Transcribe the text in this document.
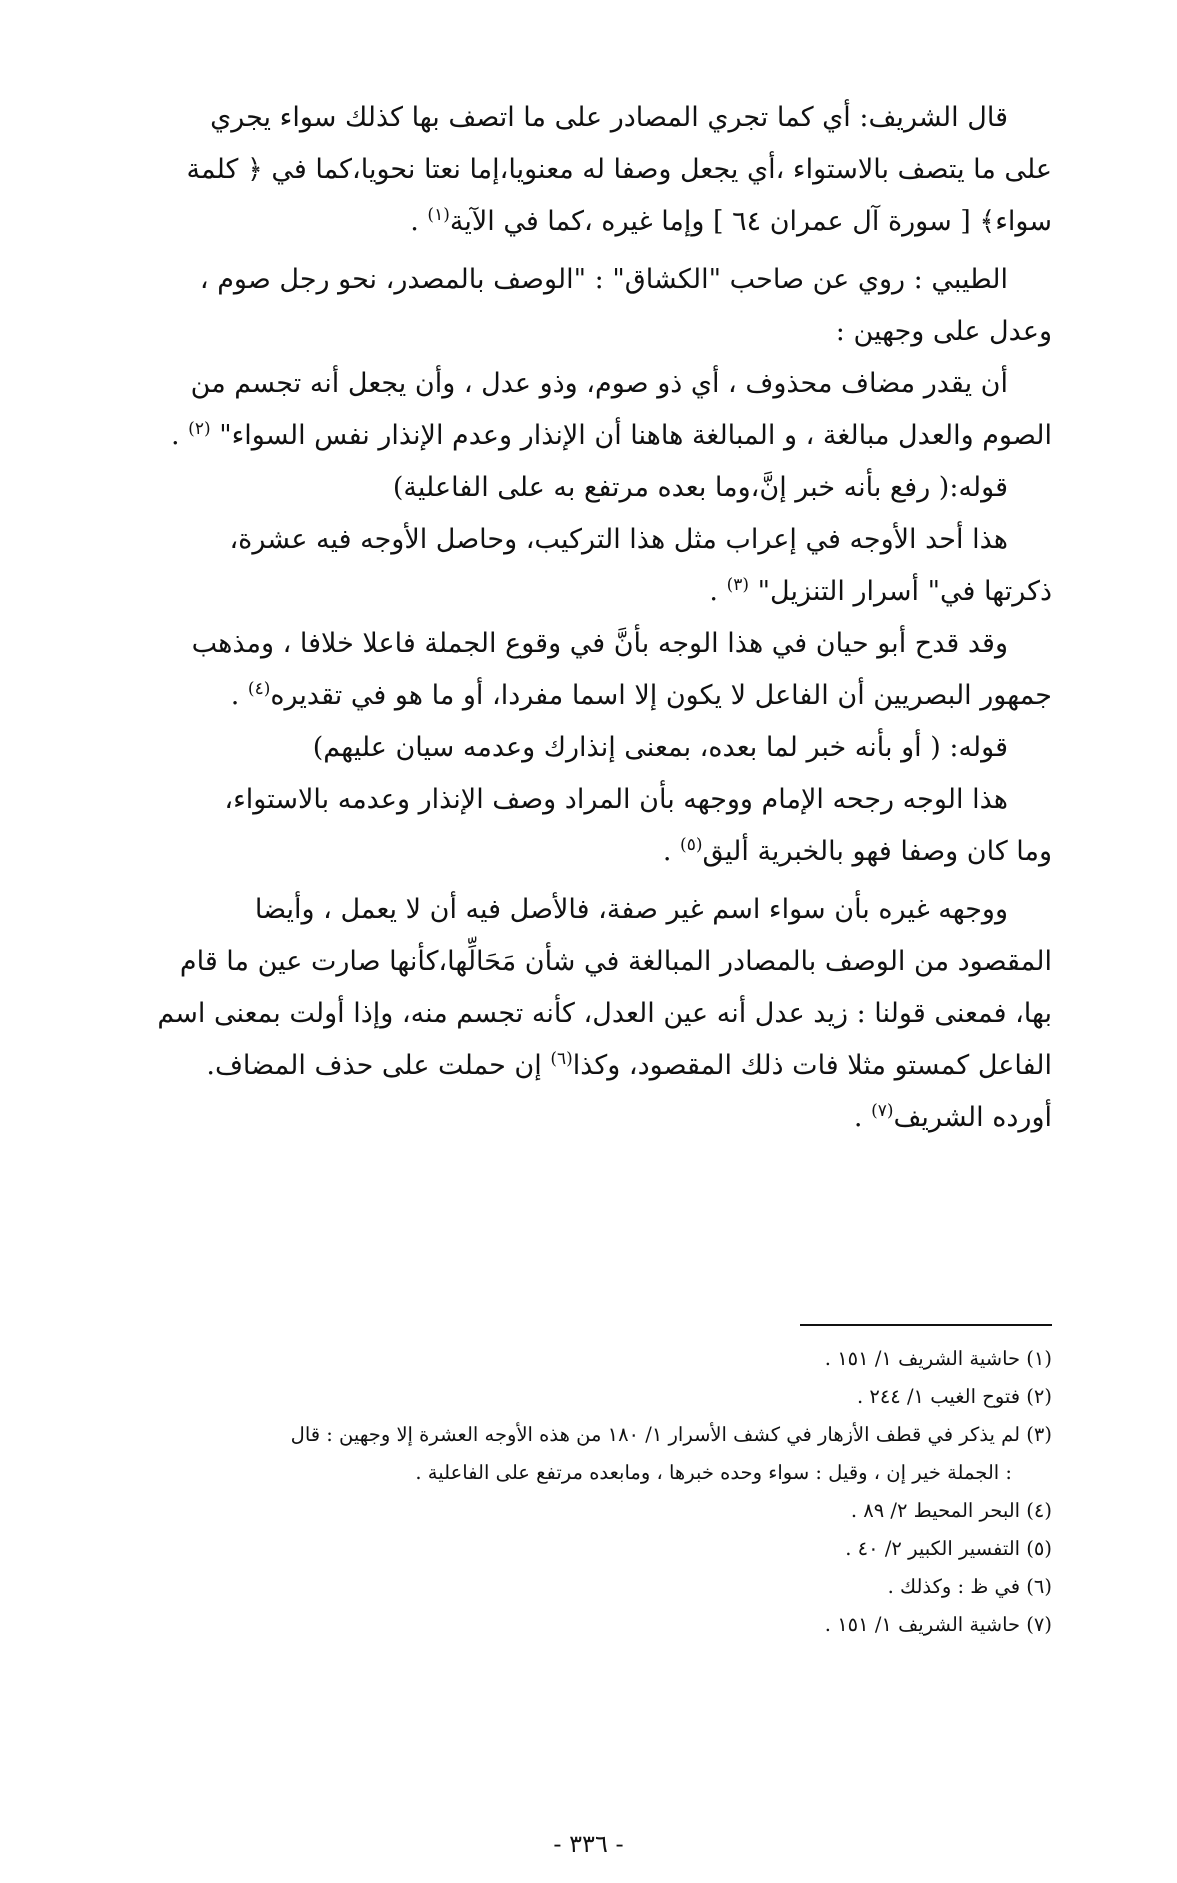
قال الشريف: أي كما تجري المصادر على ما اتصف بها كذلك سواء يجري
على ما يتصف بالاستواء ،أي يجعل وصفا له معنويا،إما نعتا نحويا،كما في ﴿ كلمة
سواء﴾ [ سورة آل عمران ٦٤ ] وإما غيره ،كما في الآية$^{(١)}$ .
الطيبي : روي عن صاحب "الكشاق" : "الوصف بالمصدر، نحو رجل صوم ،
وعدل على وجهين :
أن يقدر مضاف محذوف ، أي ذو صوم، وذو عدل ، وأن يجعل أنه تجسم من
الصوم والعدل مبالغة ، و المبالغة هاهنا أن الإنذار وعدم الإنذار نفس السواء" $^{(٢)}$ .
قوله:( رفع بأنه خبر إنَّ،وما بعده مرتفع به على الفاعلية)
هذا أحد الأوجه في إعراب مثل هذا التركيب، وحاصل الأوجه فيه عشرة،
ذكرتها في" أسرار التنزيل" $^{(٣)}$ .
وقد قدح أبو حيان في هذا الوجه بأنَّ في وقوع الجملة فاعلا خلافا ، ومذهب
جمهور البصريين أن الفاعل لا يكون إلا اسما مفردا، أو ما هو في تقديره$^{(٤)}$ .
قوله: ( أو بأنه خبر لما بعده، بمعنى إنذارك وعدمه سيان عليهم)
هذا الوجه رجحه الإمام ووجهه بأن المراد وصف الإنذار وعدمه بالاستواء،
وما كان وصفا فهو بالخبرية أليق$^{(٥)}$ .
ووجهه غيره بأن سواء اسم غير صفة، فالأصل فيه أن لا يعمل ، وأيضا
المقصود من الوصف بالمصادر المبالغة في شأن مَحَالِّها،كأنها صارت عين ما قام
بها، فمعنى قولنا : زيد عدل أنه عين العدل، كأنه تجسم منه، وإذا أولت بمعنى اسم
الفاعل كمستو مثلا فات ذلك المقصود، وكذا$^{(٦)}$ إن حملت على حذف المضاف.
أورده الشريف$^{(٧)}$ .
(١) حاشية الشريف ١/ ١٥١ .
(٢) فتوح الغيب ١/ ٢٤٤ .
(٣) لم يذكر في قطف الأزهار في كشف الأسرار ١/ ١٨٠ من هذه الأوجه العشرة إلا وجهين : قال
: الجملة خير إن ، وقيل : سواء وحده خبرها ، ومابعده مرتفع على الفاعلية .
(٤) البحر المحيط ٢/ ٨٩ .
(٥) التفسير الكبير ٢/ ٤٠ .
(٦) في ظ : وكذلك .
(٧) حاشية الشريف ١/ ١٥١ .
- ٣٣٦ -
